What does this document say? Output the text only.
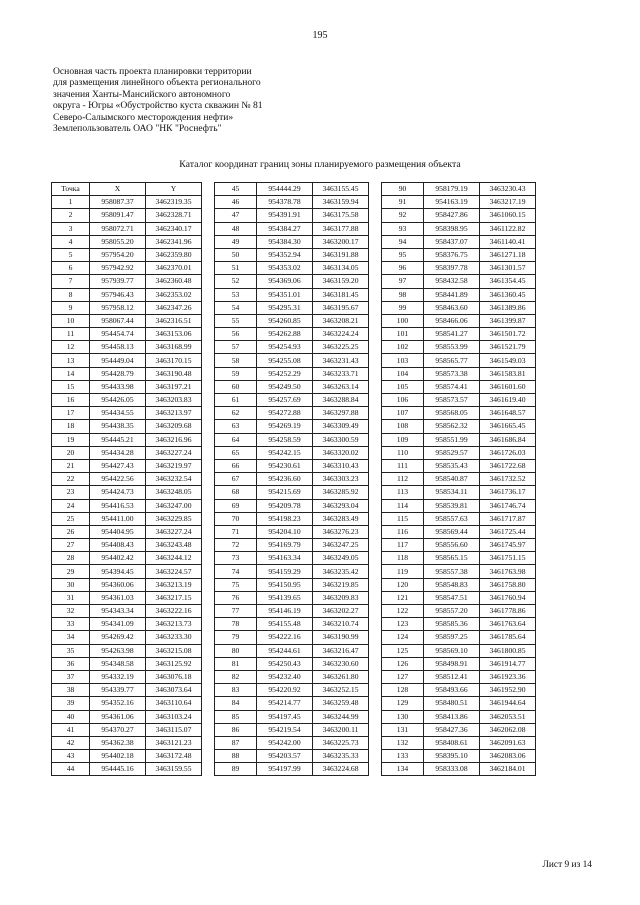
195
Основная часть проекта планировки территории
для размещения линейного объекта регионального
значения Ханты-Мансийского автономного
округа - Югры «Обустройство куста скважин № 81
Северо-Салымского месторождения нефти»
Землепользователь ОАО "НК "Роснефть"
Каталог координат границ зоны планируемого размещения объекта
Точка	X	Y
1	958087.37	3462319.35
2	958091.47	3462328.71
3	958072.71	3462340.17
4	958055.20	3462341.96
5	957954.20	3462359.80
6	957942.92	3462370.01
7	957939.77	3462360.48
8	957946.43	3462353.02
9	957958.12	3462347.26
10	958067.44	3462316.51
11	954454.74	3463153.06
12	954458.13	3463168.99
13	954449.04	3463170.15
14	954428.79	3463190.48
15	954433.98	3463197.21
16	954426.05	3463203.83
17	954434.55	3463213.97
18	954438.35	3463209.68
19	954445.21	3463216.96
20	954434.28	3463227.24
21	954427.43	3463219.97
22	954422.56	3463232.54
23	954424.73	3463248.05
24	954416.53	3463247.00
25	954411.00	3463229.85
26	954404.95	3463227.24
27	954408.43	3463243.48
28	954402.42	3463244.12
29	954394.45	3463224.57
30	954360.06	3463213.19
31	954361.03	3463217.15
32	954343.34	3463222.16
33	954341.09	3463213.73
34	954269.42	3463233.30
35	954263.98	3463215.08
36	954348.58	3463125.92
37	954332.19	3463076.18
38	954339.77	3463073.64
39	954352.16	3463110.64
40	954361.06	3463103.24
41	954370.27	3463115.07
42	954362.38	3463121.23
43	954402.18	3463172.48
44	954445.16	3463159.55
45	954444.29	3463155.45
46	954378.78	3463159.94
47	954391.91	3463175.58
48	954384.27	3463177.88
49	954384.30	3463200.17
50	954352.94	3463191.88
51	954353.02	3463134.05
52	954369.06	3463159.20
53	954351.01	3463181.45
54	954295.31	3463195.67
55	954260.85	3463208.21
56	954262.88	3463224.24
57	954254.93	3463225.25
58	954255.08	3463231.43
59	954252.29	3463233.71
60	954249.50	3463263.14
61	954257.69	3463288.84
62	954272.88	3463297.88
63	954269.19	3463309.49
64	954258.59	3463300.59
65	954242.15	3463320.02
66	954230.61	3463310.43
67	954236.60	3463303.23
68	954215.69	3463285.92
69	954209.78	3463293.04
70	954198.23	3463283.49
71	954204.10	3463276.23
72	954169.79	3463247.25
73	954163.34	3463249.05
74	954159.29	3463235.42
75	954150.95	3463219.85
76	954139.65	3463209.83
77	954146.19	3463202.27
78	954155.48	3463210.74
79	954222.16	3463190.99
80	954244.61	3463216.47
81	954250.43	3463230.60
82	954232.40	3463261.80
83	954220.92	3463252.15
84	954214.77	3463259.48
85	954197.45	3463244.99
86	954219.54	3463200.11
87	954242.00	3463225.73
88	954203.57	3463235.33
89	954197.99	3463224.68
90	958179.19	3463230.43
91	954163.19	3463217.19
92	958427.86	3461060.15
93	958398.95	3461122.82
94	958437.07	3461140.41
95	958376.75	3461271.18
96	958397.78	3461301.57
97	958432.58	3461354.45
98	958441.89	3461360.45
99	958463.60	3461389.86
100	958466.06	3461399.87
101	958541.27	3461501.72
102	958553.99	3461521.79
103	958565.77	3461549.03
104	958573.38	3461583.81
105	958574.41	3461601.60
106	958573.57	3461619.40
107	958568.05	3461648.57
108	958562.32	3461665.45
109	958551.99	3461686.84
110	958529.57	3461726.03
111	958535.43	3461722.68
112	958540.87	3461732.52
113	958534.11	3461736.17
114	958539.81	3461746.74
115	958557.63	3461717.87
116	958569.44	3461725.44
117	958556.60	3461745.97
118	958565.15	3461751.15
119	958557.38	3461763.98
120	958548.83	3461758.80
121	958547.51	3461760.94
122	958557.20	3461778.86
123	958585.36	3461763.64
124	958597.25	3461785.64
125	958569.10	3461800.85
126	958498.91	3461914.77
127	958512.41	3461923.36
128	958493.66	3461952.90
129	958480.51	3461944.64
130	958413.86	3462053.51
131	958427.36	3462062.08
132	958408.61	3462091.63
133	958395.10	3462083.06
134	958333.08	3462184.01
Лист 9 из 14
